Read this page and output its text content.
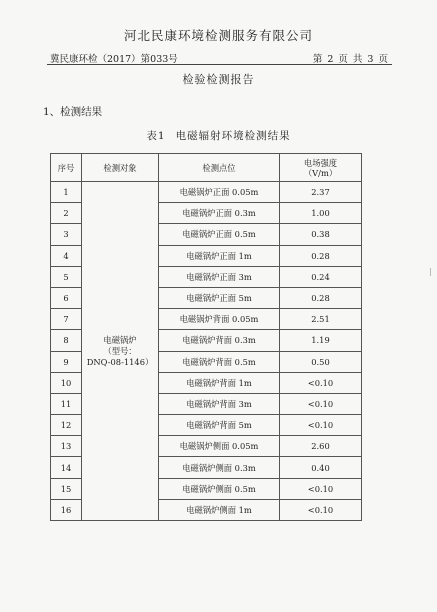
河北民康环境检测服务有限公司
冀民康环检（2017）第033号	第 2 页 共 3 页
检验检测报告
1、检测结果
表1 电磁辐射环境检测结果
序号	检测对象	检测点位	电场强度
（V/m）

1	电磁锅炉
（型号：
DNQ-08-1146）	电磁锅炉正面 0.05m	2.37
2		电磁锅炉正面 0.3m	1.00
3		电磁锅炉正面 0.5m	0.38
4		电磁锅炉正面 1m	0.28
5		电磁锅炉正面 3m	0.24
6		电磁锅炉正面 5m	0.28
7		电磁锅炉背面 0.05m	2.51
8		电磁锅炉背面 0.3m	1.19
9		电磁锅炉背面 0.5m	0.50
10		电磁锅炉背面 1m	<0.10
11		电磁锅炉背面 3m	<0.10
12		电磁锅炉背面 5m	<0.10
13		电磁锅炉侧面 0.05m	2.60
14		电磁锅炉侧面 0.3m	0.40
15		电磁锅炉侧面 0.5m	<0.10
16		电磁锅炉侧面 1m	<0.10
